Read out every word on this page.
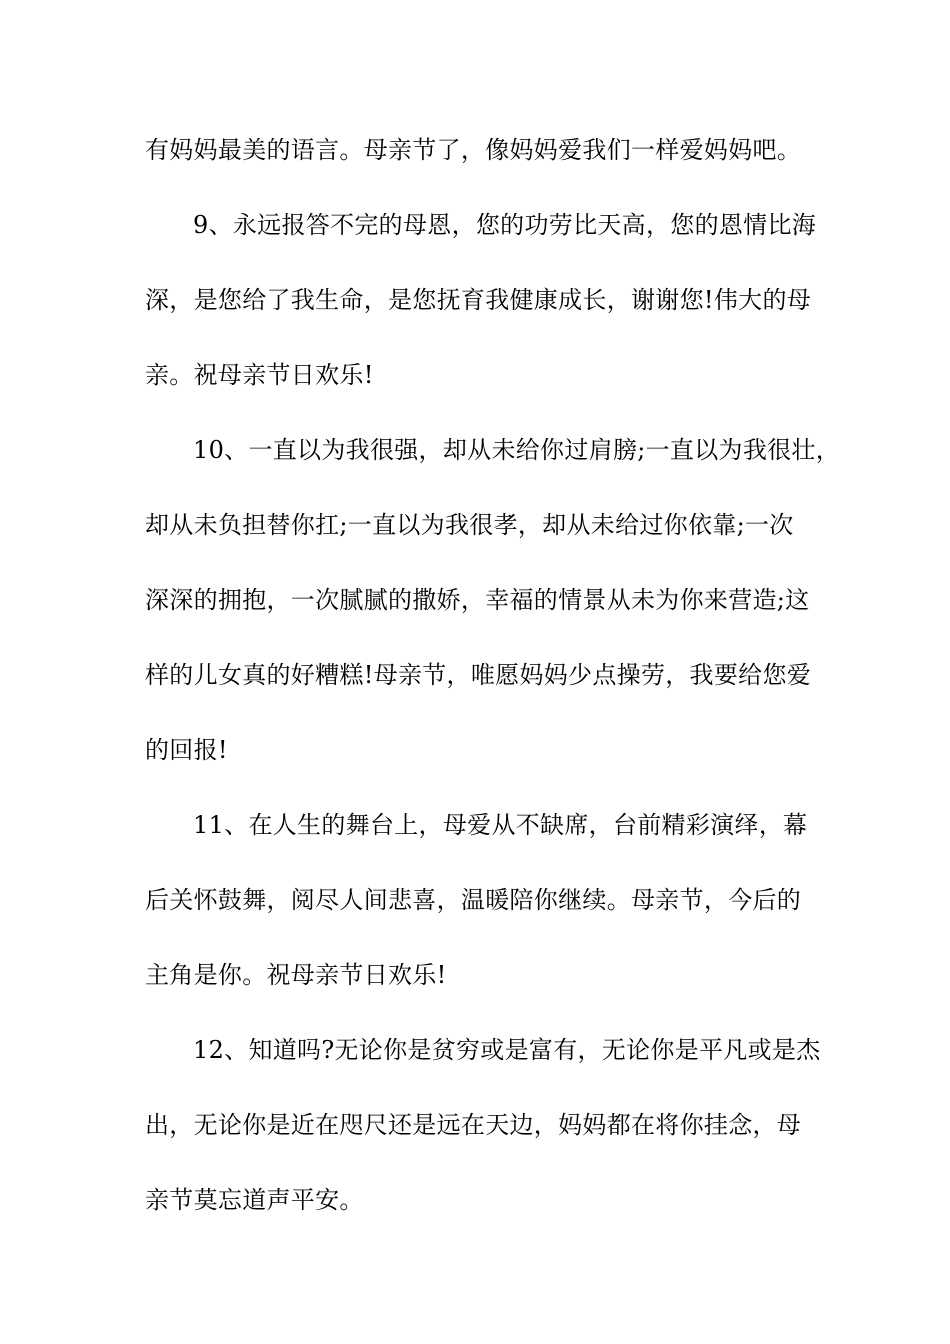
有妈妈最美的语言。母亲节了，像妈妈爱我们一样爱妈妈吧。
9、永远报答不完的母恩，您的功劳比天高，您的恩情比海
深，是您给了我生命，是您抚育我健康成长，谢谢您!伟大的母
亲。祝母亲节日欢乐!
10、一直以为我很强，却从未给你过肩膀;一直以为我很壮，
却从未负担替你扛;一直以为我很孝，却从未给过你依靠;一次
深深的拥抱，一次腻腻的撒娇，幸福的情景从未为你来营造;这
样的儿女真的好糟糕!母亲节，唯愿妈妈少点操劳，我要给您爱
的回报!
11、在人生的舞台上，母爱从不缺席，台前精彩演绎，幕
后关怀鼓舞，阅尽人间悲喜，温暖陪你继续。母亲节，今后的
主角是你。祝母亲节日欢乐!
12、知道吗?无论你是贫穷或是富有，无论你是平凡或是杰
出，无论你是近在咫尺还是远在天边，妈妈都在将你挂念，母
亲节莫忘道声平安。
